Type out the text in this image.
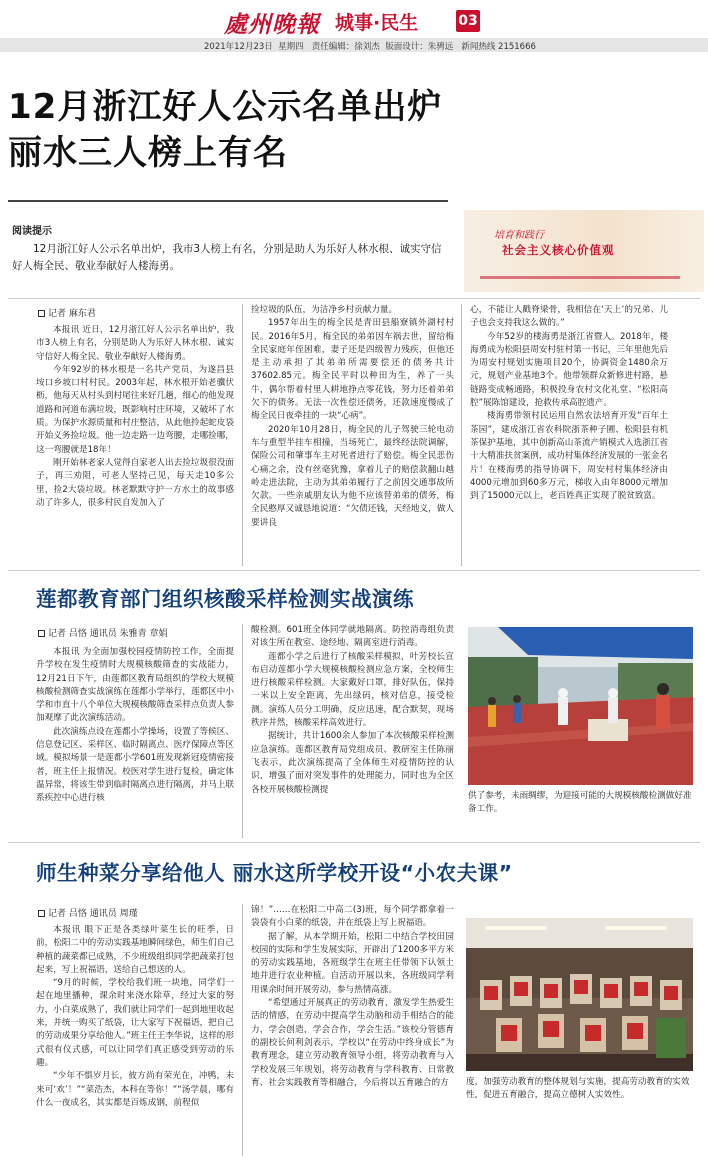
處州晚報 城事·民生	03
2021年12月23日 星期四 责任编辑：徐刘杰 版面设计：朱骋远 新闻热线 2151666
12月浙江好人公示名单出炉
丽水三人榜上有名
阅读提示
12月浙江好人公示名单出炉，我市3人榜上有名，分别是助人为乐好人林水根、诚实守信好人梅全民、敬业奉献好人楼海勇。
培育和践行
社会主义核心价值观
记者 麻东君

本报讯 近日，12月浙江好人公示名单出炉，我市3人榜上有名，分别是助人为乐好人林水根、诚实守信好人梅全民、敬业奉献好人楼海勇。

今年92岁的林水根是一名共产党员，为遂昌县垵口乡坡口村村民。2003年起，林水根开始老骥伏枥，他每天从村头到村尾往来好几趟，细心的他发现道路和河道布满垃圾，既影响村庄环境，又破坏了水质。为保护水源质量和村庄整洁，从此他拎起蛇皮袋开始义务捡垃圾。他一边走路一边弯腰，走哪捡哪，这一弯腰就是18年！

刚开始林老家人觉得自家老人出去捡垃圾很没面子，再三劝阻，可老人坚持己见，每天走10多公里，捡2大袋垃圾。林老默默守护一方水土的故事感动了许多人，很多村民自发加入了

捡垃圾的队伍，为洁净乡村贡献力量。

1957年出生的梅全民是青田县船寮镇外湖村村民。2016年5月，梅全民的弟弟因车祸去世，留给梅全民家庭年侄困难，妻子还是四级智力残疾，但他还是主动承担了其弟弟所需要偿还的债务共计37602.85元。梅全民平时以种田为生，养了一头牛，偶尔帮着村里人耕地挣点零花钱，努力还着弟弟欠下的债务。无法一次性偿还债务，还款速度慢成了梅全民日夜牵挂的一块“心病”。

2020年10月28日，梅全民的儿子驾驶三轮电动车与重型半挂车相撞，当场死亡，最终经法院调解，保险公司和肇事车主对死者进行了赔偿。梅全民悲伤心痛之余，没有丝毫犹豫，拿着儿子的赔偿款翻山越岭走进法院，主动为其弟弟履行了之前因交通事故所欠款。一些亲戚朋友认为他不应该替弟弟的债务，梅全民憨厚又诚恳地说道：“欠债还钱，天经地义，做人要讲良

心，不能让人戳脊梁骨，我相信在‘天上’的兄弟、儿子也会支持我这么做的。”

今年52岁的楼海勇是浙江省暨人。2018年，楼海勇成为松阳县周安村驻村第一书记，三年里他先后为周安村规划实施项目20个，协调资金1480余万元，规划产业基地3个。他带领群众新修进村路，悬链路变成畅通路，积极投身农村文化礼堂、“松阳高腔”展陈馆建设，抢救传承高腔遗产。

楼海勇带领村民运用自然农法培育开发“百年土茶园”，建成浙江省农科院浙茶种子圃、松阳县有机茶保护基地，其中创新高山茶流产销模式入选浙江省十大精准扶贫案例，成功村集体经济发展的一张金名片！在楼海勇的指导协调下，周安村村集体经济由4000元增加到60多万元，梯收入由年8000元增加到了15000元以上，老百姓真正实现了脱贫致富。

莲都教育部门组织核酸采样检测实战演练
记者 吕恪 通讯员 朱雅青 章娟

本报讯 为全面加强校园疫情防控工作，全面提升学校在发生疫情时大规模核酸筛查的实战能力，12月21日下午，由莲都区教育局组织的学校大规模核酸检测筛查实战演练在莲都小学举行，莲都区中小学和市直十八个单位大规模核酸筛查采样点负责人参加观摩了此次演练活动。

此次演练点设在莲都小学操场，设置了等候区、信息登记区、采样区、临时隔离点、医疗保障点等区域。模拟场景一是莲都小学601班发现新冠疫情密接者，班主任上报情况。校医对学生进行复检，确定体温异常，将该生带到临时隔离点进行隔离，并马上联系疾控中心进行核

酸检测。601班全体同学就地隔离。防控消毒组负责对该生所在教室、途经地、隔离室进行消毒。

莲都小学之后进行了核酸采样模拟，叶芳校长宣布启动莲都小学大规模核酸检测应急方案，全校师生进行核酸采样检测。大家戴好口罩，排好队伍，保持一米以上安全距离，先出绿码，核对信息，接受检测。演练人员分工明确，反应迅速，配合默契，现场秩序井然，核酸采样高效进行。

据统计，共计1600余人参加了本次核酸采样检测应急演练。莲都区教育局党组成员、教研室主任陈丽飞表示，此次演练提高了全体师生对疫情防控的认识，增强了面对突发事件的处理能力，同时也为全区各校开展核酸检测提

供了参考，未雨绸缪，为迎接可能的大规模核酸检测做好准备工作。
师生种菜分享给他人 丽水这所学校开设“小农夫课”
记者 吕恪 通讯员 周瑾

本报讯 眼下正是各类绿叶菜生长的旺季，日前，松阳二中的劳动实践基地瞬间绿色，师生们自己种植的蔬菜都已成熟，不少班级组织同学把蔬菜打包起来，写上祝福语，送给自己想送的人。

“9月的时候，学校给我们班一块地，同学们一起在地里播种，课余时来浇水除草，经过大家的努力，小白菜成熟了，我们就让同学们一起到地里收起来，并统一购买了纸袋，让大家写下祝福语，把自己的劳动成果分享给他人。”班主任王李华说，这样的形式很有仪式感，可以让同学们真正感受到劳动的乐趣。

“少年不惧岁月长，彼方尚有荣光在，冲鸭，未来可‘欢’！”“菜浩杰，本科在等你！”“汤学晨，哪有什么一夜成名，其实都是百炼成钢，前程似

锦！”……在松阳二中高二(3)班，每个同学都拿着一袋袋有小白菜的纸袋，并在纸袋上写上祝福语。

据了解，从本学期开始，松阳二中结合学校田园校园的实际和学生发展实际，开辟出了1200多平方米的劳动实践基地，各班级学生在班主任带领下认领土地并进行农业种植。自活动开展以来，各班级同学利用课余时间开展劳动，参与热情高涨。

“希望通过开展真正的劳动教育，激发学生热爱生活的情感，在劳动中提高学生动脑和动手相结合的能力，学会创造，学会合作，学会生活。”该校分管德育的副校长何利剑表示，学校以“在劳动中终身成长”为教育理念，建立劳动教育领导小组，将劳动教育与入学校发展三年规划，将劳动教育与学科教育、日常教育、社会实践教育等相融合，今后将以五育融合的方	度，加强劳动教育的整体规划与实施，提高劳动教育的实效性，促进五育融合，提高立德树人实效性。
